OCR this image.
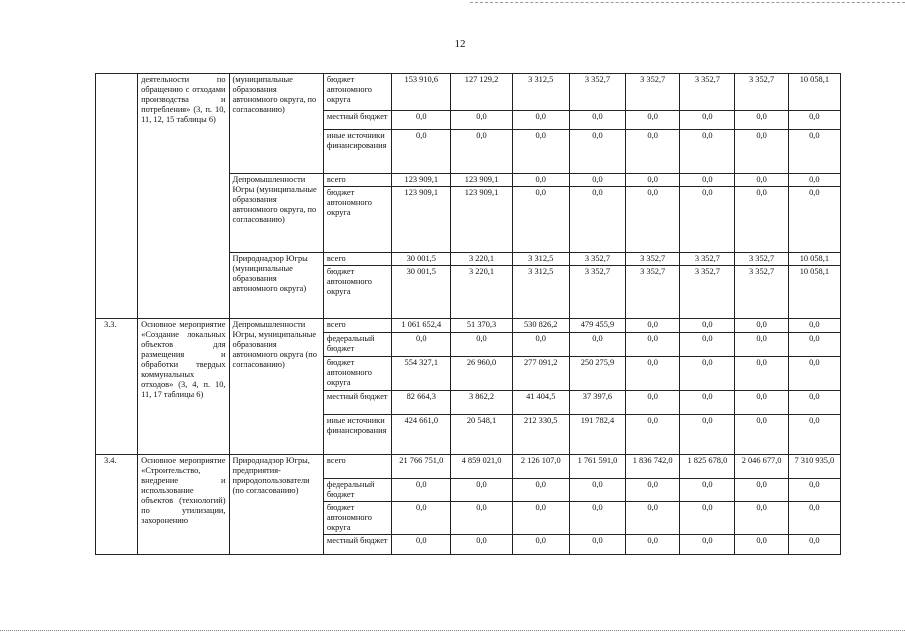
12
	деятельности по обращению с отходами производства и потребления» (3, п. 10, 11, 12, 15 таблицы 6)	(муниципальные образования автономного округа, по согласованию)	бюджет автономного округа	153 910,6	127 129,2	3 312,5	3 352,7	3 352,7	3 352,7	3 352,7	10 058,1
			местный бюджет	0,0	0,0	0,0	0,0	0,0	0,0	0,0	0,0
			иные источники финансирования	0,0	0,0	0,0	0,0	0,0	0,0	0,0	0,0
		Депромышленности Югры (муниципальные образования автономного округа, по согласованию)	всего	123 909,1	123 909,1	0,0	0,0	0,0	0,0	0,0	0,0
			бюджет автономного округа	123 909,1	123 909,1	0,0	0,0	0,0	0,0	0,0	0,0
		Природнадзор Югры (муниципальные образования автономного округа)	всего	30 001,5	3 220,1	3 312,5	3 352,7	3 352,7	3 352,7	3 352,7	10 058,1
			бюджет автономного округа	30 001,5	3 220,1	3 312,5	3 352,7	3 352,7	3 352,7	3 352,7	10 058,1
3.3.	Основное мероприятие «Создание локальных объектов для размещения и обработки твердых коммунальных отходов» (3, 4, п. 10, 11, 17 таблицы 6)	Депромышленности Югры, муниципальные образования автономного округа (по согласованию)	всего	1 061 652,4	51 370,3	530 826,2	479 455,9	0,0	0,0	0,0	0,0
			федеральный бюджет	0,0	0,0	0,0	0,0	0,0	0,0	0,0	0,0
			бюджет автономного округа	554 327,1	26 960,0	277 091,2	250 275,9	0,0	0,0	0,0	0,0
			местный бюджет	82 664,3	3 862,2	41 404,5	37 397,6	0,0	0,0	0,0	0,0
			иные источники финансирования	424 661,0	20 548,1	212 330,5	191 782,4	0,0	0,0	0,0	0,0
3.4.	Основное мероприятие «Строительство, внедрение и использование объектов (технологий) по утилизации, захоронению	Природнадзор Югры, предприятия-природопользователи (по согласованию)	всего	21 766 751,0	4 859 021,0	2 126 107,0	1 761 591,0	1 836 742,0	1 825 678,0	2 046 677,0	7 310 935,0
			федеральный бюджет	0,0	0,0	0,0	0,0	0,0	0,0	0,0	0,0
			бюджет автономного округа	0,0	0,0	0,0	0,0	0,0	0,0	0,0	0,0
			местный бюджет	0,0	0,0	0,0	0,0	0,0	0,0	0,0	0,0
